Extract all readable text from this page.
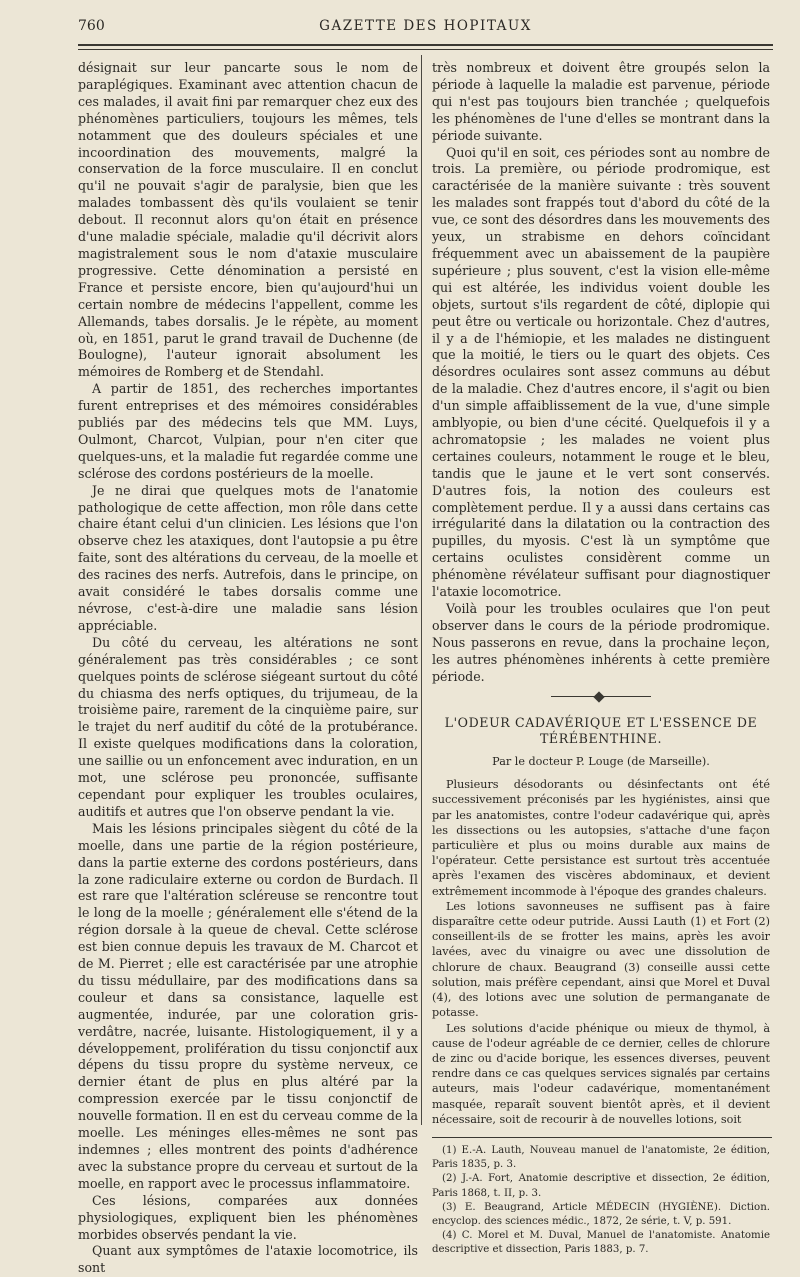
760	GAZETTE DES HOPITAUX

désignait sur leur pancarte sous le nom de paraplégiques. Examinant avec attention chacun de ces malades, il avait fini par remarquer chez eux des phénomènes particuliers, toujours les mêmes, tels notamment que des douleurs spéciales et une incoordination des mouvements, malgré la conservation de la force musculaire. Il en conclut qu'il ne pouvait s'agir de paralysie, bien que les malades tombassent dès qu'ils voulaient se tenir debout. Il reconnut alors qu'on était en présence d'une maladie spéciale, maladie qu'il décrivit alors magistralement sous le nom d'ataxie musculaire progressive. Cette dénomination a persisté en France et persiste encore, bien qu'aujourd'hui un certain nombre de médecins l'appellent, comme les Allemands, tabes dorsalis. Je le répète, au moment où, en 1851, parut le grand travail de Duchenne (de Boulogne), l'auteur ignorait absolument les mémoires de Romberg et de Stendahl.

A partir de 1851, des recherches importantes furent entreprises et des mémoires considérables publiés par des médecins tels que MM. Luys, Oulmont, Charcot, Vulpian, pour n'en citer que quelques-uns, et la maladie fut regardée comme une sclérose des cordons postérieurs de la moelle.

Je ne dirai que quelques mots de l'anatomie pathologique de cette affection, mon rôle dans cette chaire étant celui d'un clinicien. Les lésions que l'on observe chez les ataxiques, dont l'autopsie a pu être faite, sont des altérations du cerveau, de la moelle et des racines des nerfs. Autrefois, dans le principe, on avait considéré le tabes dorsalis comme une névrose, c'est-à-dire une maladie sans lésion appréciable.

Du côté du cerveau, les altérations ne sont généralement pas très considérables ; ce sont quelques points de sclérose siégeant surtout du côté du chiasma des nerfs optiques, du trijumeau, de la troisième paire, rarement de la cinquième paire, sur le trajet du nerf auditif du côté de la protubérance. Il existe quelques modifications dans la coloration, une saillie ou un enfoncement avec induration, en un mot, une sclérose peu prononcée, suffisante cependant pour expliquer les troubles oculaires, auditifs et autres que l'on observe pendant la vie.

Mais les lésions principales siègent du côté de la moelle, dans une partie de la région postérieure, dans la partie externe des cordons postérieurs, dans la zone radiculaire externe ou cordon de Burdach. Il est rare que l'altération scléreuse se rencontre tout le long de la moelle ; généralement elle s'étend de la région dorsale à la queue de cheval. Cette sclérose est bien connue depuis les travaux de M. Charcot et de M. Pierret ; elle est caractérisée par une atrophie du tissu médullaire, par des modifications dans sa couleur et dans sa consistance, laquelle est augmentée, indurée, par une coloration gris-verdâtre, nacrée, luisante. Histologiquement, il y a développement, prolifération du tissu conjonctif aux dépens du tissu propre du système nerveux, ce dernier étant de plus en plus altéré par la compression exercée par le tissu conjonctif de nouvelle formation. Il en est du cerveau comme de la moelle. Les méninges elles-mêmes ne sont pas indemnes ; elles montrent des points d'adhérence avec la substance propre du cerveau et surtout de la moelle, en rapport avec le processus inflammatoire.

Ces lésions, comparées aux données physiologiques, expliquent bien les phénomènes morbides observés pendant la vie.

Quant aux symptômes de l'ataxie locomotrice, ils sont

très nombreux et doivent être groupés selon la période à laquelle la maladie est parvenue, période qui n'est pas toujours bien tranchée ; quelquefois les phénomènes de l'une d'elles se montrant dans la période suivante.

Quoi qu'il en soit, ces périodes sont au nombre de trois. La première, ou période prodromique, est caractérisée de la manière suivante : très souvent les malades sont frappés tout d'abord du côté de la vue, ce sont des désordres dans les mouvements des yeux, un strabisme en dehors coïncidant fréquemment avec un abaissement de la paupière supérieure ; plus souvent, c'est la vision elle-même qui est altérée, les individus voient double les objets, surtout s'ils regardent de côté, diplopie qui peut être ou verticale ou horizontale. Chez d'autres, il y a de l'hémiopie, et les malades ne distinguent que la moitié, le tiers ou le quart des objets. Ces désordres oculaires sont assez communs au début de la maladie. Chez d'autres encore, il s'agit ou bien d'un simple affaiblissement de la vue, d'une simple amblyopie, ou bien d'une cécité. Quelquefois il y a achromatopsie ; les malades ne voient plus certaines couleurs, notamment le rouge et le bleu, tandis que le jaune et le vert sont conservés. D'autres fois, la notion des couleurs est complètement perdue. Il y a aussi dans certains cas irrégularité dans la dilatation ou la contraction des pupilles, du myosis. C'est là un symptôme que certains oculistes considèrent comme un phénomène révélateur suffisant pour diagnostiquer l'ataxie locomotrice.

Voilà pour les troubles oculaires que l'on peut observer dans le cours de la période prodromique. Nous passerons en revue, dans la prochaine leçon, les autres phénomènes inhérents à cette première période.

L'ODEUR CADAVÉRIQUE ET L'ESSENCE DE TÉRÉBENTHINE.
Par le docteur P. Louge (de Marseille).

Plusieurs désodorants ou désinfectants ont été successivement préconisés par les hygiénistes, ainsi que par les anatomistes, contre l'odeur cadavérique qui, après les dissections ou les autopsies, s'attache d'une façon particulière et plus ou moins durable aux mains de l'opérateur. Cette persistance est surtout très accentuée après l'examen des viscères abdominaux, et devient extrêmement incommode à l'époque des grandes chaleurs.

Les lotions savonneuses ne suffisent pas à faire disparaître cette odeur putride. Aussi Lauth (1) et Fort (2) conseillent-ils de se frotter les mains, après les avoir lavées, avec du vinaigre ou avec une dissolution de chlorure de chaux. Beaugrand (3) conseille aussi cette solution, mais préfère cependant, ainsi que Morel et Duval (4), des lotions avec une solution de permanganate de potasse.

Les solutions d'acide phénique ou mieux de thymol, à cause de l'odeur agréable de ce dernier, celles de chlorure de zinc ou d'acide borique, les essences diverses, peuvent rendre dans ce cas quelques services signalés par certains auteurs, mais l'odeur cadavérique, momentanément masquée, reparaît souvent bientôt après, et il devient nécessaire, soit de recourir à de nouvelles lotions, soit

(1) E.-A. Lauth, Nouveau manuel de l'anatomiste, 2e édition, Paris 1835, p. 3.

(2) J.-A. Fort, Anatomie descriptive et dissection, 2e édition, Paris 1868, t. II, p. 3.

(3) E. Beaugrand, Article MÉDECIN (HYGIÈNE). Diction. encyclop. des sciences médic., 1872, 2e série, t. V, p. 591.

(4) C. Morel et M. Duval, Manuel de l'anatomiste. Anatomie descriptive et dissection, Paris 1883, p. 7.
